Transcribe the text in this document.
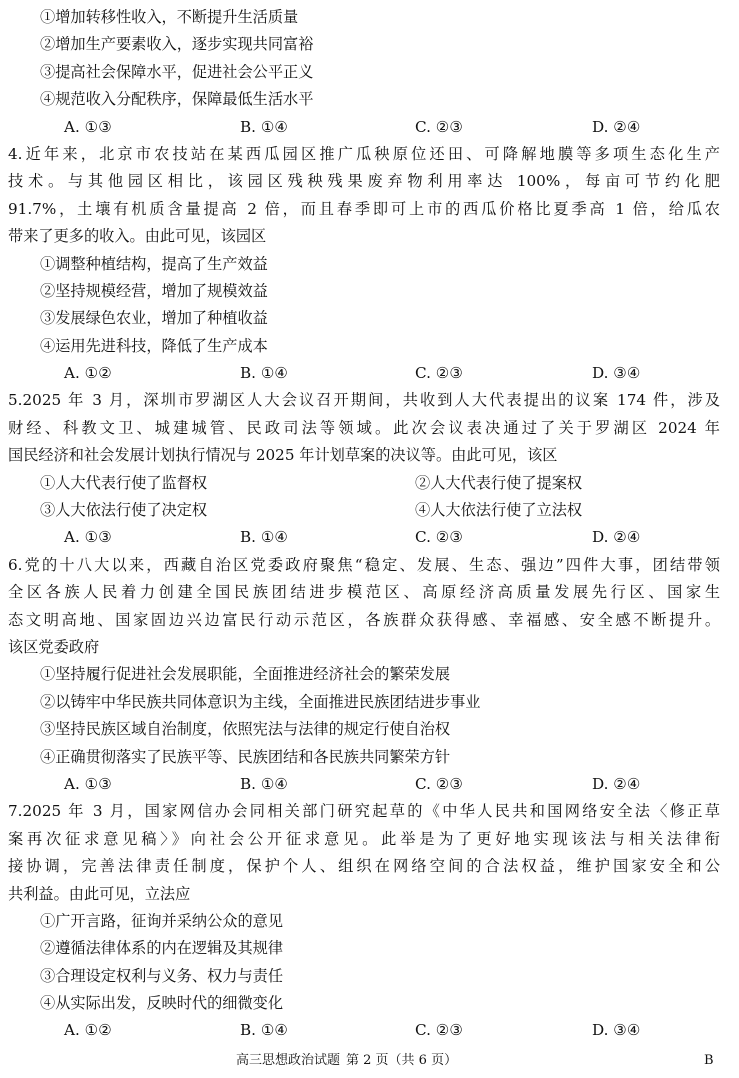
①增加转移性收入，不断提升生活质量
②增加生产要素收入，逐步实现共同富裕
③提高社会保障水平，促进社会公平正义
④规范收入分配秩序，保障最低生活水平
A. ①③	B. ①④	C. ②③	D. ②④
4.近年来，北京市农技站在某西瓜园区推广瓜秧原位还田、可降解地膜等多项生态化生产
技术。与其他园区相比，该园区残秧残果废弃物利用率达 100%，每亩可节约化肥
91.7%，土壤有机质含量提高 2 倍，而且春季即可上市的西瓜价格比夏季高 1 倍，给瓜农
带来了更多的收入。由此可见，该园区
①调整种植结构，提高了生产效益
②坚持规模经营，增加了规模效益
③发展绿色农业，增加了种植收益
④运用先进科技，降低了生产成本
A. ①②	B. ①④	C. ②③	D. ③④
5.2025 年 3 月，深圳市罗湖区人大会议召开期间，共收到人大代表提出的议案 174 件，涉及
财经、科教文卫、城建城管、民政司法等领域。此次会议表决通过了关于罗湖区 2024 年
国民经济和社会发展计划执行情况与 2025 年计划草案的决议等。由此可见，该区
①人大代表行使了监督权	②人大代表行使了提案权
③人大依法行使了决定权	④人大依法行使了立法权
A. ①③	B. ①④	C. ②③	D. ②④
6.党的十八大以来，西藏自治区党委政府聚焦“稳定、发展、生态、强边”四件大事，团结带领
全区各族人民着力创建全国民族团结进步模范区、高原经济高质量发展先行区、国家生
态文明高地、国家固边兴边富民行动示范区，各族群众获得感、幸福感、安全感不断提升。
该区党委政府
①坚持履行促进社会发展职能，全面推进经济社会的繁荣发展
②以铸牢中华民族共同体意识为主线，全面推进民族团结进步事业
③坚持民族区域自治制度，依照宪法与法律的规定行使自治权
④正确贯彻落实了民族平等、民族团结和各民族共同繁荣方针
A. ①③	B. ①④	C. ②③	D. ②④
7.2025 年 3 月，国家网信办会同相关部门研究起草的《中华人民共和国网络安全法〈修正草
案再次征求意见稿〉》向社会公开征求意见。此举是为了更好地实现该法与相关法律衔
接协调，完善法律责任制度，保护个人、组织在网络空间的合法权益，维护国家安全和公
共利益。由此可见，立法应
①广开言路，征询并采纳公众的意见
②遵循法律体系的内在逻辑及其规律
③合理设定权利与义务、权力与责任
④从实际出发，反映时代的细微变化
A. ①②	B. ①④	C. ②③	D. ③④
高三思想政治试题 第 2 页（共 6 页）	B
